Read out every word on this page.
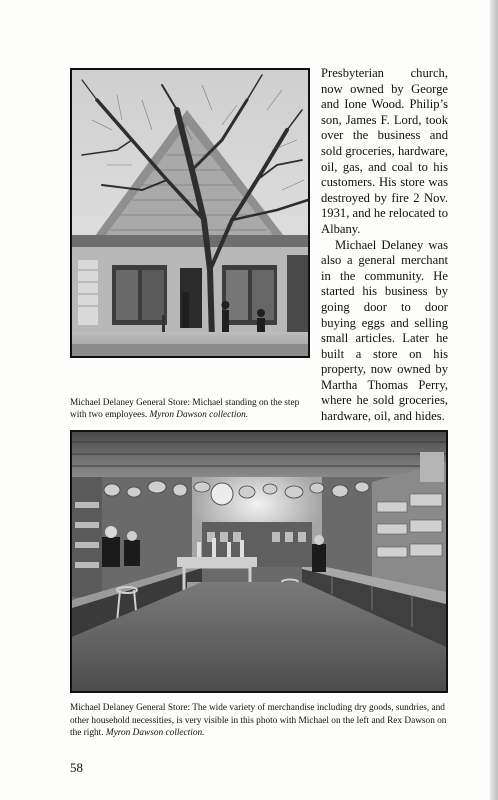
Michael Delaney General Store: Michael standing on the step with two employees. Myron Dawson collection.

Presbyterian church, now owned by George and Ione Wood. Philip’s son, James F. Lord, took over the business and sold groceries, hardware, oil, gas, and coal to his customers. His store was destroyed by fire 2 Nov. 1931, and he relocated to Albany.

Michael Delaney was also a general merchant in the community. He started his business by going door to door buying eggs and selling small articles. Later he built a store on his property, now owned by Martha Thomas Perry, where he sold groceries, hardware, oil, and hides.

Michael Delaney General Store: The wide variety of merchandise including dry goods, sundries, and other household necessities, is very visible in this photo with Michael on the left and Rex Dawson on the right. Myron Dawson collection.
58
